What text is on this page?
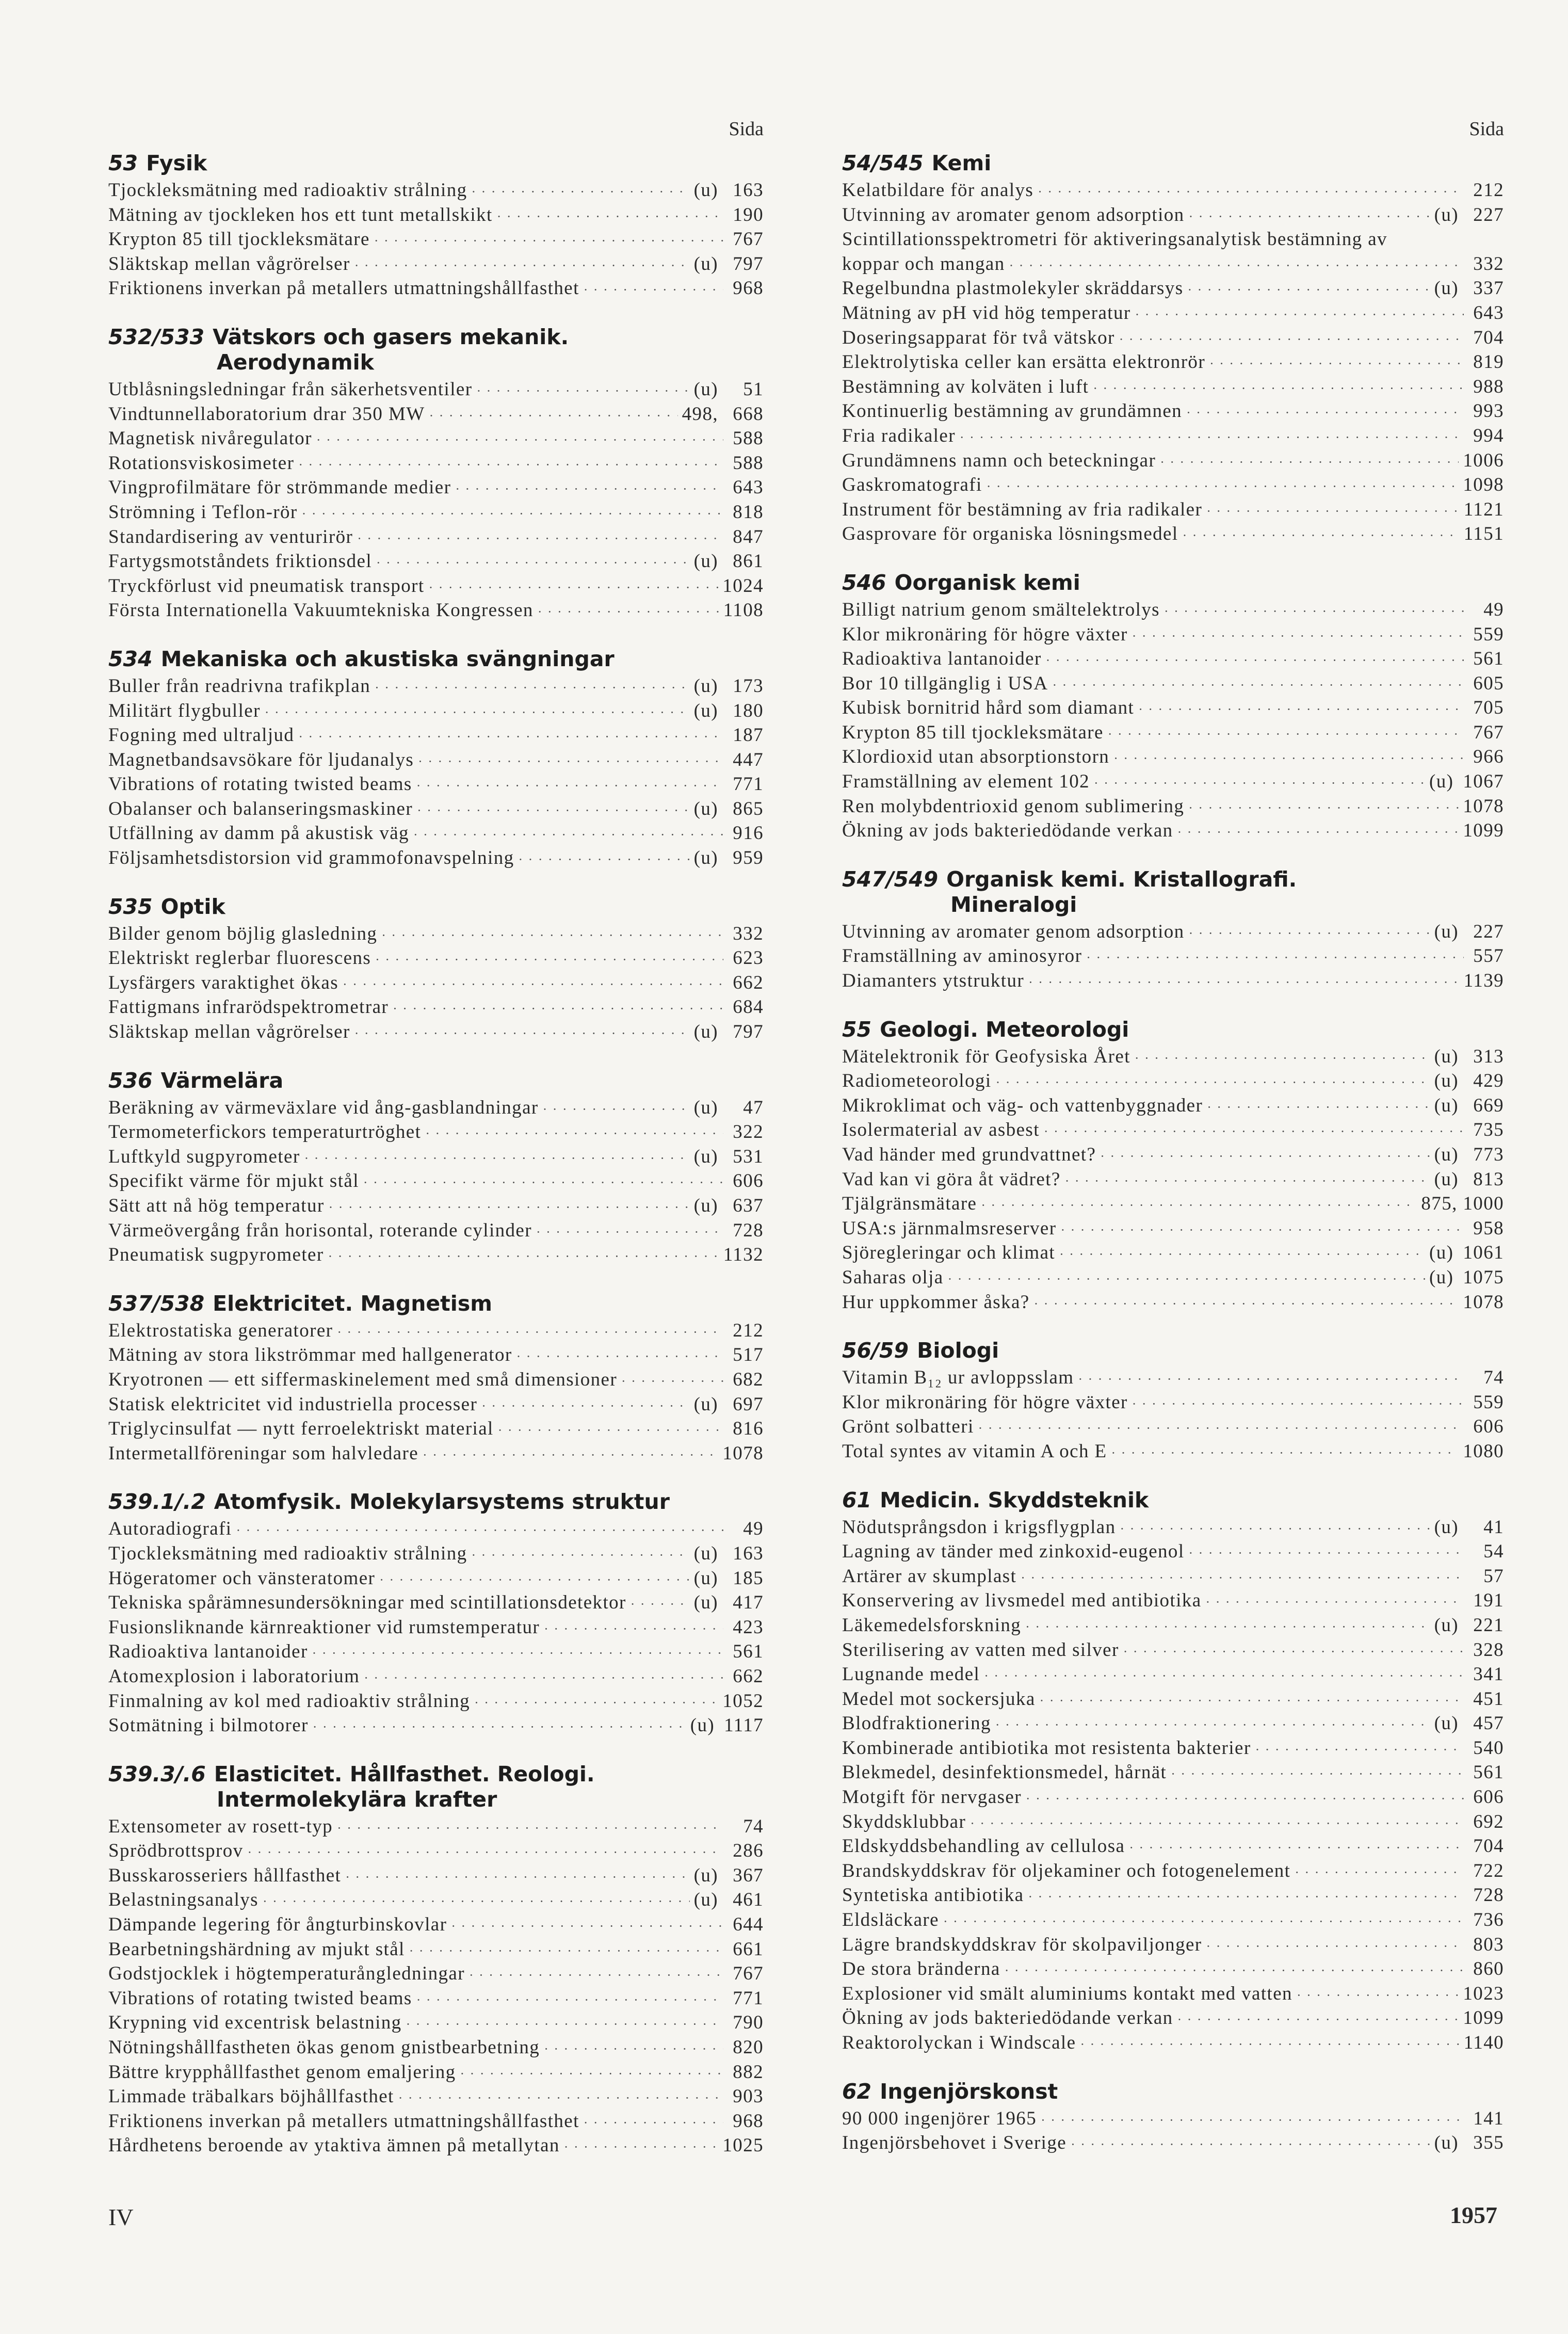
Sida
53 Fysik
Tjockleksmätning med radioaktiv strålning · · ·	(u) 163
Mätning av tjockleken hos ett tunt metallskikt · · ·	190
Krypton 85 till tjockleksmätare · · ·	767
Släktskap mellan vågrörelser · · ·	(u) 797
Friktionens inverkan på metallers utmattningshållfasthet · · ·	968
532/533 Vätskors och gasers mekanik.
Aerodynamik
Utblåsningsledningar från säkerhetsventiler · · ·	(u)	51
Vindtunnellaboratorium drar 350 MW · · ·	498, 668
Magnetisk nivåregulator · · ·	588
Rotationsviskosimeter · · ·	588
Vingprofilmätare för strömmande medier · · ·	643
Strömning i Teflon-rör · · ·	818
Standardisering av venturirör · · ·	847
Fartygsmotståndets friktionsdel · · ·	(u) 861
Tryckförlust vid pneumatisk transport · · ·	1024
Första Internationella Vakuumtekniska Kongressen · · ·	1108
534 Mekaniska och akustiska svängningar
Buller från readrivna trafikplan · · ·	(u) 173
Militärt flygbuller · · ·	(u) 180
Fogning med ultraljud · · ·	187
Magnetbandsavsökare för ljudanalys · · ·	447
Vibrations of rotating twisted beams · · ·	771
Obalanser och balanseringsmaskiner · · ·	(u) 865
Utfällning av damm på akustisk väg · · ·	916
Följsamhetsdistorsion vid grammofonavspelning · · ·	(u) 959
535 Optik
Bilder genom böjlig glasledning · · ·	332
Elektriskt reglerbar fluorescens · · ·	623
Lysfärgers varaktighet ökas · · ·	662
Fattigmans infrarödspektrometrar · · ·	684
Släktskap mellan vågrörelser · · ·	(u) 797
536 Värmelära
Beräkning av värmeväxlare vid ång-gasblandningar · · ·	(u)	47
Termometerfickors temperaturtröghet · · ·	322
Luftkyld sugpyrometer · · ·	(u) 531
Specifikt värme för mjukt stål · · ·	606
Sätt att nå hög temperatur · · ·	(u) 637
Värmeövergång från horisontal, roterande cylinder · · ·	728
Pneumatisk sugpyrometer · · ·	1132
537/538 Elektricitet. Magnetism
Elektrostatiska generatorer · · ·	212
Mätning av stora likströmmar med hallgenerator · · ·	517
Kryotronen — ett siffermaskinelement med små dimensioner · · ·	682
Statisk elektricitet vid industriella processer · · ·	(u) 697
Triglycinsulfat — nytt ferroelektriskt material · · ·	816
Intermetallföreningar som halvledare · · ·	1078
539.1/.2 Atomfysik. Molekylarsystems struktur
Autoradiografi · · ·	49
Tjockleksmätning med radioaktiv strålning · · ·	(u) 163
Högeratomer och vänsteratomer · · ·	(u) 185
Tekniska spårämnesundersökningar med scintillationsdetektor · · ·	(u) 417
Fusionsliknande kärnreaktioner vid rumstemperatur · · ·	423
Radioaktiva lantanoider · · ·	561
Atomexplosion i laboratorium · · ·	662
Finmalning av kol med radioaktiv strålning · · ·	1052
Sotmätning i bilmotorer · · ·	(u) 1117
539.3/.6 Elasticitet. Hållfasthet. Reologi.
Intermolekylära krafter
Extensometer av rosett-typ · · ·	74
Sprödbrottsprov · · ·	286
Busskarosseriers hållfasthet · · ·	(u) 367
Belastningsanalys · · ·	(u) 461
Dämpande legering för ångturbinskovlar · · ·	644
Bearbetningshärdning av mjukt stål · · ·	661
Godstjocklek i högtemperaturångledningar · · ·	767
Vibrations of rotating twisted beams · · ·	771
Krypning vid excentrisk belastning · · ·	790
Nötningshållfastheten ökas genom gnistbearbetning · · ·	820
Bättre krypphållfasthet genom emaljering · · ·	882
Limmade träbalkars böjhållfasthet · · ·	903
Friktionens inverkan på metallers utmattningshållfasthet · · ·	968
Hårdhetens beroende av ytaktiva ämnen på metallytan · · ·	1025
Sida
54/545 Kemi
Kelatbildare för analys · · ·	212
Utvinning av aromater genom adsorption · · ·	(u) 227
Scintillationsspektrometri för aktiveringsanalytisk bestämning av
koppar och mangan · · ·	332
Regelbundna plastmolekyler skräddarsys · · ·	(u) 337
Mätning av pH vid hög temperatur · · ·	643
Doseringsapparat för två vätskor · · ·	704
Elektrolytiska celler kan ersätta elektronrör · · ·	819
Bestämning av kolväten i luft · · ·	988
Kontinuerlig bestämning av grundämnen · · ·	993
Fria radikaler · · ·	994
Grundämnens namn och beteckningar · · ·	1006
Gaskromatografi · · ·	1098
Instrument för bestämning av fria radikaler · · ·	1121
Gasprovare för organiska lösningsmedel · · ·	1151
546 Oorganisk kemi
Billigt natrium genom smältelektrolys · · ·	49
Klor mikronäring för högre växter · · ·	559
Radioaktiva lantanoider · · ·	561
Bor 10 tillgänglig i USA · · ·	605
Kubisk bornitrid hård som diamant · · ·	705
Krypton 85 till tjockleksmätare · · ·	767
Klordioxid utan absorptionstorn · · ·	966
Framställning av element 102 · · ·	(u) 1067
Ren molybdentrioxid genom sublimering · · ·	1078
Ökning av jods bakteriedödande verkan · · ·	1099
547/549 Organisk kemi. Kristallografi.
Mineralogi
Utvinning av aromater genom adsorption · · ·	(u) 227
Framställning av aminosyror · · ·	557
Diamanters ytstruktur · · ·	1139
55 Geologi. Meteorologi
Mätelektronik för Geofysiska Året · · ·	(u) 313
Radiometeorologi · · ·	(u) 429
Mikroklimat och väg- och vattenbyggnader · · ·	(u) 669
Isolermaterial av asbest · · ·	735
Vad händer med grundvattnet? · · ·	(u) 773
Vad kan vi göra åt vädret? · · ·	(u) 813
Tjälgränsmätare · · ·	875, 1000
USA:s järnmalmsreserver · · ·	958
Sjöregleringar och klimat · · ·	(u) 1061
Saharas olja · · ·	(u) 1075
Hur uppkommer åska? · · ·	1078
56/59 Biologi
Vitamin B₁₂ ur avloppsslam · · ·	74
Klor mikronäring för högre växter · · ·	559
Grönt solbatteri · · ·	606
Total syntes av vitamin A och E · · ·	1080
61 Medicin. Skyddsteknik
Nödutsprångsdon i krigsflygplan · · ·	(u)	41
Lagning av tänder med zinkoxid-eugenol · · ·	54
Artärer av skumplast · · ·	57
Konservering av livsmedel med antibiotika · · ·	191
Läkemedelsforskning · · ·	(u) 221
Sterilisering av vatten med silver · · ·	328
Lugnande medel · · ·	341
Medel mot sockersjuka · · ·	451
Blodfraktionering · · ·	(u) 457
Kombinerade antibiotika mot resistenta bakterier · · ·	540
Blekmedel, desinfektionsmedel, hårnät · · ·	561
Motgift för nervgaser · · ·	606
Skyddsklubbar · · ·	692
Eldskyddsbehandling av cellulosa · · ·	704
Brandskyddskrav för oljekaminer och fotogenelement · · ·	722
Syntetiska antibiotika · · ·	728
Eldsläckare · · ·	736
Lägre brandskyddskrav för skolpaviljonger · · ·	803
De stora bränderna · · ·	860
Explosioner vid smält aluminiums kontakt med vatten · · ·	1023
Ökning av jods bakteriedödande verkan · · ·	1099
Reaktorolyckan i Windscale · · ·	1140
62 Ingenjörskonst
90 000 ingenjörer 1965 · · ·	141
Ingenjörsbehovet i Sverige · · ·	(u) 355
IV	1957
